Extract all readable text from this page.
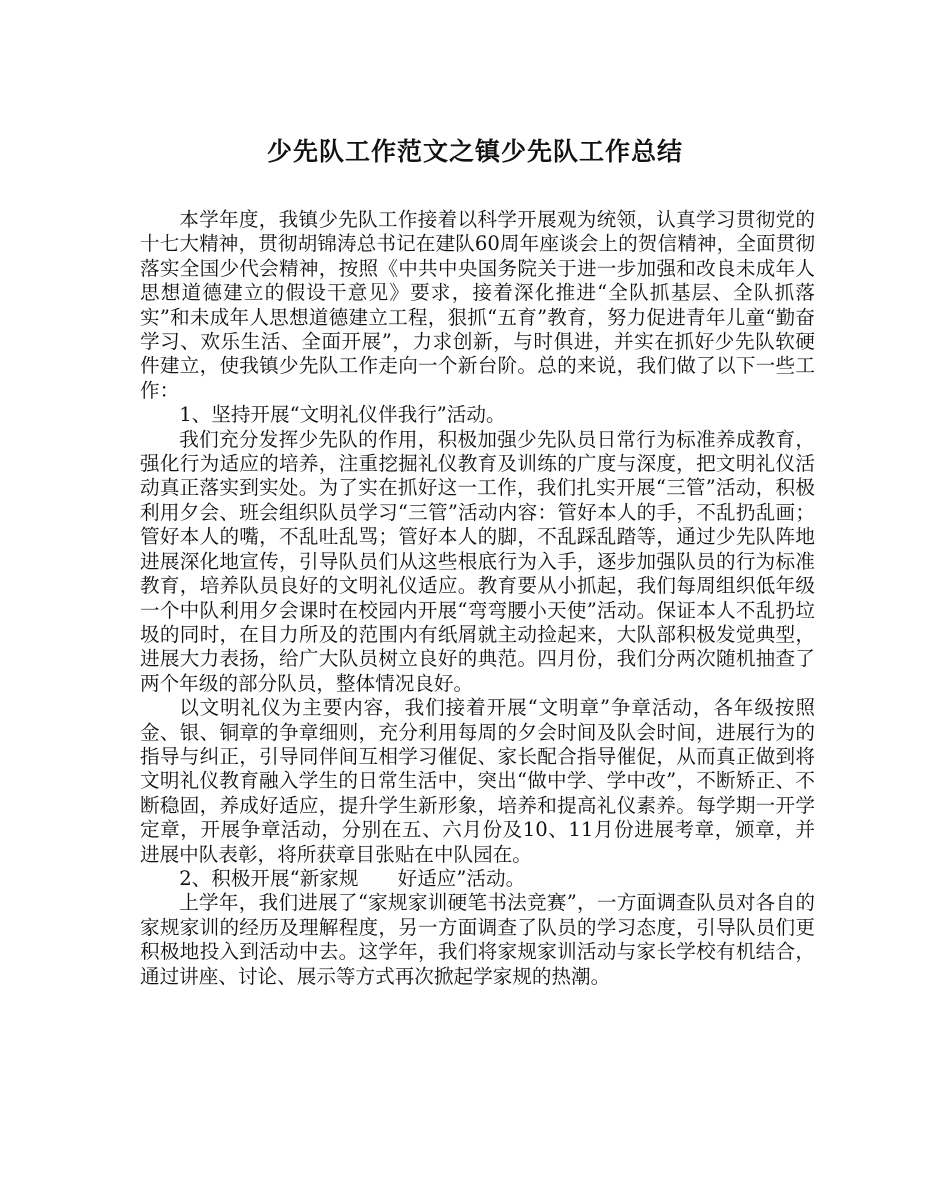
少先队工作范文之镇少先队工作总结

本学年度，我镇少先队工作接着以科学开展观为统领，认真学习贯彻党的十七大精神，贯彻胡锦涛总书记在建队60周年座谈会上的贺信精神，全面贯彻落实全国少代会精神，按照《中共中央国务院关于进一步加强和改良未成年人思想道德建立的假设干意见》要求，接着深化推进“全队抓基层、全队抓落实”和未成年人思想道德建立工程，狠抓“五育”教育，努力促进青年儿童“勤奋学习、欢乐生活、全面开展”，力求创新，与时俱进，并实在抓好少先队软硬件建立，使我镇少先队工作走向一个新台阶。总的来说，我们做了以下一些工作：

1、坚持开展“文明礼仪伴我行”活动。

我们充分发挥少先队的作用，积极加强少先队员日常行为标准养成教育，强化行为适应的培养，注重挖掘礼仪教育及训练的广度与深度，把文明礼仪活动真正落实到实处。为了实在抓好这一工作，我们扎实开展“三管”活动，积极利用夕会、班会组织队员学习“三管”活动内容：管好本人的手，不乱扔乱画；管好本人的嘴，不乱吐乱骂；管好本人的脚，不乱踩乱踏等，通过少先队阵地进展深化地宣传，引导队员们从这些根底行为入手，逐步加强队员的行为标准教育，培养队员良好的文明礼仪适应。教育要从小抓起，我们每周组织低年级一个中队利用夕会课时在校园内开展“弯弯腰小天使”活动。保证本人不乱扔垃圾的同时，在目力所及的范围内有纸屑就主动捡起来，大队部积极发觉典型，进展大力表扬，给广大队员树立良好的典范。四月份，我们分两次随机抽查了两个年级的部分队员，整体情况良好。

以文明礼仪为主要内容，我们接着开展“文明章”争章活动，各年级按照金、银、铜章的争章细则，充分利用每周的夕会时间及队会时间，进展行为的指导与纠正，引导同伴间互相学习催促、家长配合指导催促，从而真正做到将文明礼仪教育融入学生的日常生活中，突出“做中学、学中改”，不断矫正、不断稳固，养成好适应，提升学生新形象，培养和提高礼仪素养。每学期一开学定章，开展争章活动，分别在五、六月份及10、11月份进展考章，颁章，并进展中队表彰，将所获章目张贴在中队园在。

2、积极开展“新家规　　好适应”活动。

上学年，我们进展了“家规家训硬笔书法竞赛”，一方面调查队员对各自的家规家训的经历及理解程度，另一方面调查了队员的学习态度，引导队员们更积极地投入到活动中去。这学年，我们将家规家训活动与家长学校有机结合，通过讲座、讨论、展示等方式再次掀起学家规的热潮。
